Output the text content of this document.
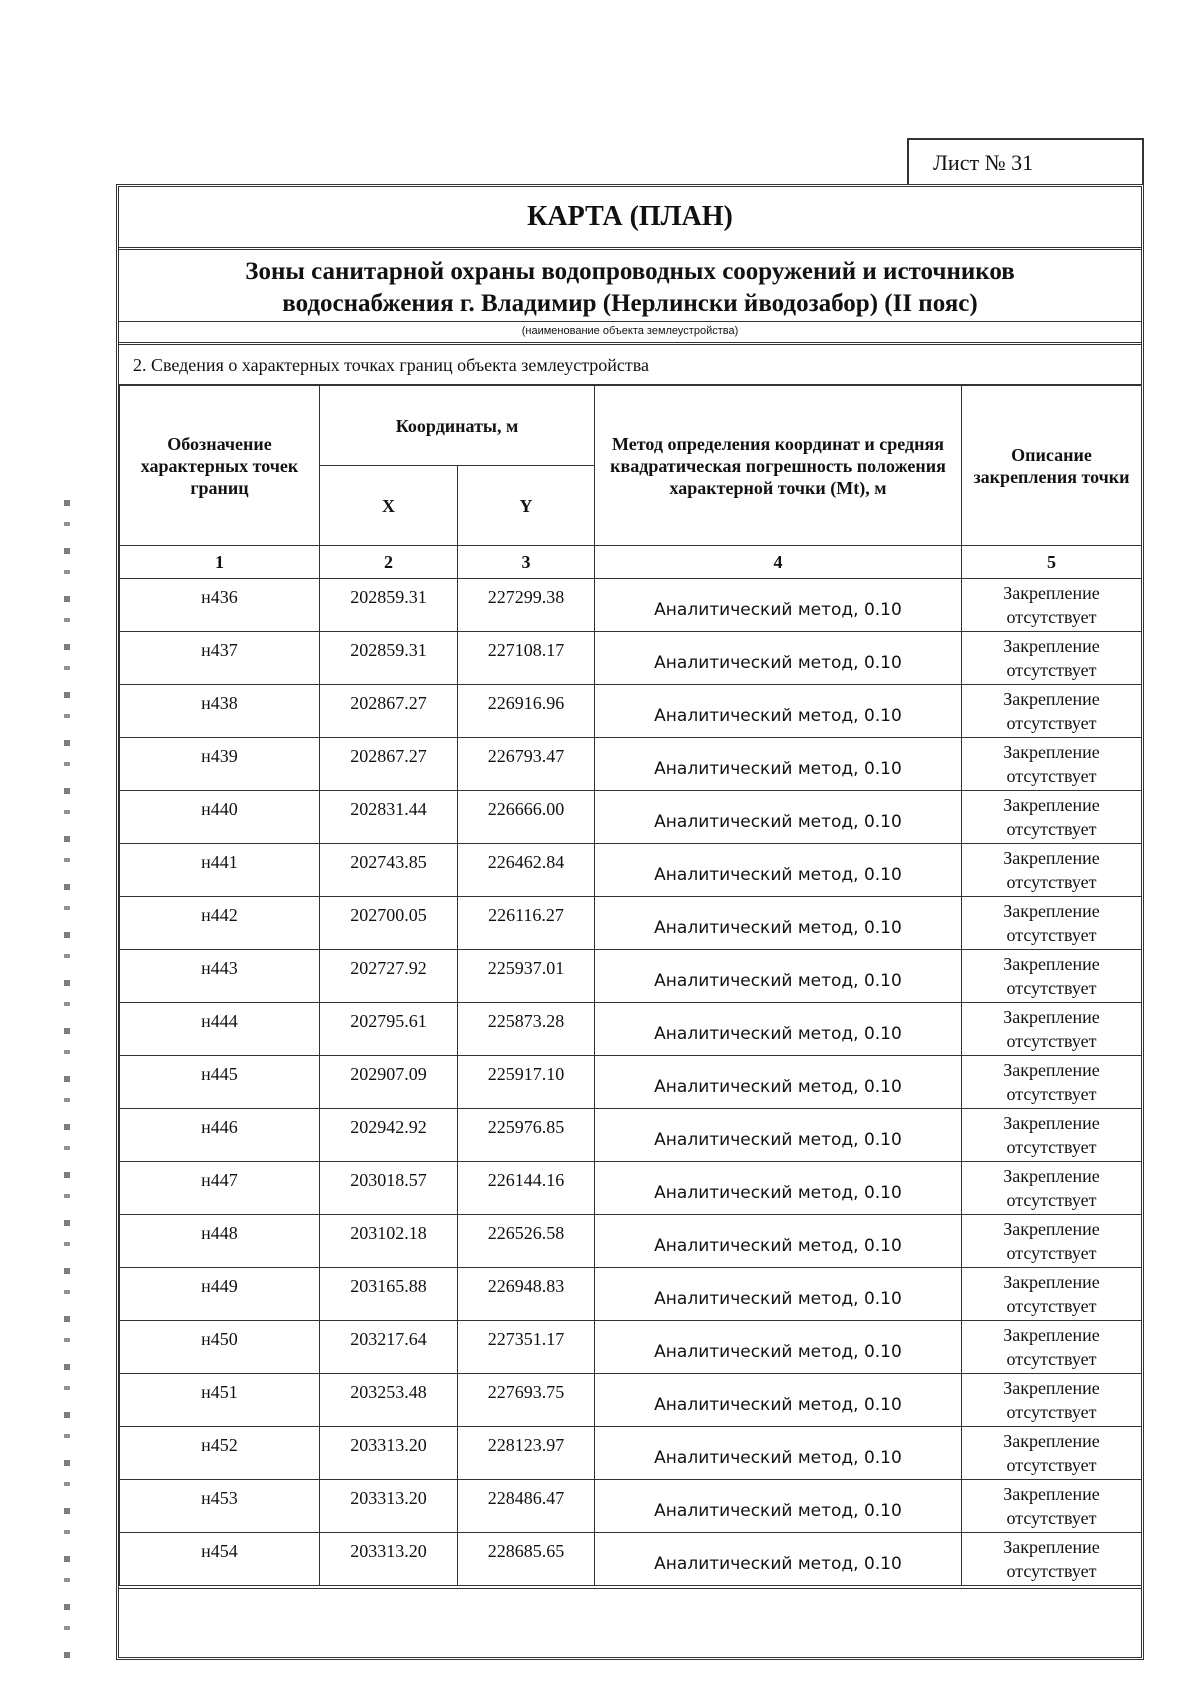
Лист № 31
КАРТА (ПЛАН)
Зоны санитарной охраны водопроводных сооружений и источников
водоснабжения г. Владимир (Нерлински йводозабор) (II пояс)
(наименование объекта землеустройства)
2. Сведения о характерных точках границ объекта землеустройства
Обозначение характерных точек границ	Координаты, м		Метод определения координат и средняя квадратическая погрешность положения характерной точки (Mt), м	Описание закрепления точки
	X	Y		
1	2	3	4	5
н436	202859.31	227299.38	Аналитический метод, 0.10	Закрепление отсутствует
н437	202859.31	227108.17	Аналитический метод, 0.10	Закрепление отсутствует
н438	202867.27	226916.96	Аналитический метод, 0.10	Закрепление отсутствует
н439	202867.27	226793.47	Аналитический метод, 0.10	Закрепление отсутствует
н440	202831.44	226666.00	Аналитический метод, 0.10	Закрепление отсутствует
н441	202743.85	226462.84	Аналитический метод, 0.10	Закрепление отсутствует
н442	202700.05	226116.27	Аналитический метод, 0.10	Закрепление отсутствует
н443	202727.92	225937.01	Аналитический метод, 0.10	Закрепление отсутствует
н444	202795.61	225873.28	Аналитический метод, 0.10	Закрепление отсутствует
н445	202907.09	225917.10	Аналитический метод, 0.10	Закрепление отсутствует
н446	202942.92	225976.85	Аналитический метод, 0.10	Закрепление отсутствует
н447	203018.57	226144.16	Аналитический метод, 0.10	Закрепление отсутствует
н448	203102.18	226526.58	Аналитический метод, 0.10	Закрепление отсутствует
н449	203165.88	226948.83	Аналитический метод, 0.10	Закрепление отсутствует
н450	203217.64	227351.17	Аналитический метод, 0.10	Закрепление отсутствует
н451	203253.48	227693.75	Аналитический метод, 0.10	Закрепление отсутствует
н452	203313.20	228123.97	Аналитический метод, 0.10	Закрепление отсутствует
н453	203313.20	228486.47	Аналитический метод, 0.10	Закрепление отсутствует
н454	203313.20	228685.65	Аналитический метод, 0.10	Закрепление отсутствует
